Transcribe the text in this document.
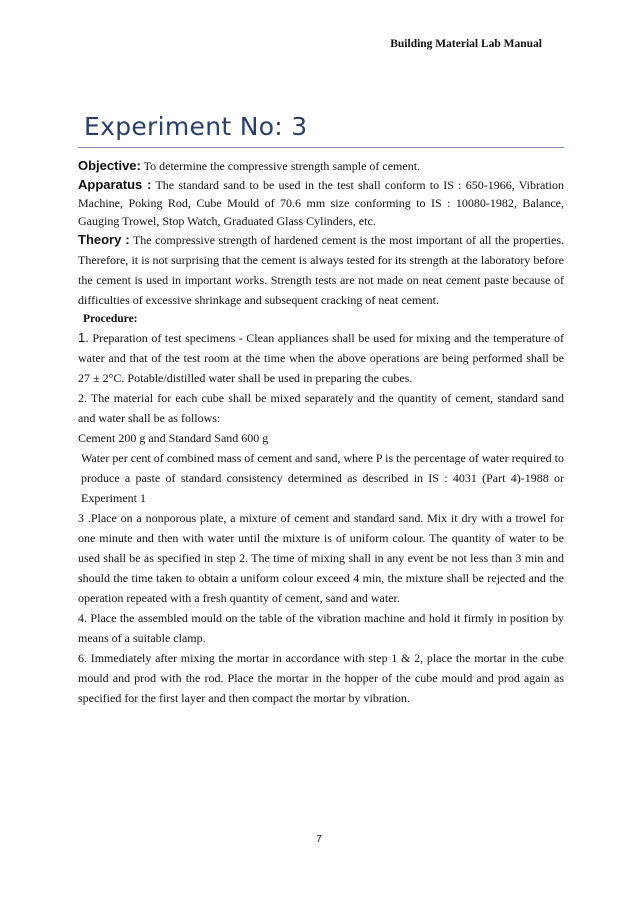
Building Material Lab Manual
Experiment No: 3

Objective: To determine the compressive strength sample of cement.

Apparatus : The standard sand to be used in the test shall conform to IS : 650-1966, Vibration Machine, Poking Rod, Cube Mould of 70.6 mm size conforming to IS : 10080-1982, Balance, Gauging Trowel, Stop Watch, Graduated Glass Cylinders, etc.

Theory : The compressive strength of hardened cement is the most important of all the properties. Therefore, it is not surprising that the cement is always tested for its strength at the laboratory before the cement is used in important works. Strength tests are not made on neat cement paste because of difficulties of excessive shrinkage and subsequent cracking of neat cement.

Procedure:

1. Preparation of test specimens - Clean appliances shall be used for mixing and the temperature of water and that of the test room at the time when the above operations are being performed shall be 27 ± 2°C. Potable/distilled water shall be used in preparing the cubes.

2. The material for each cube shall be mixed separately and the quantity of cement, standard sand and water shall be as follows:

Cement 200 g and Standard Sand 600 g

Water per cent of combined mass of cement and sand, where P is the percentage of water required to produce a paste of standard consistency determined as described in IS : 4031 (Part 4)-1988 or Experiment 1

3 .Place on a nonporous plate, a mixture of cement and standard sand. Mix it dry with a trowel for one minute and then with water until the mixture is of uniform colour. The quantity of water to be used shall be as specified in step 2. The time of mixing shall in any event be not less than 3 min and should the time taken to obtain a uniform colour exceed 4 min, the mixture shall be rejected and the operation repeated with a fresh quantity of cement, sand and water.

4. Place the assembled mould on the table of the vibration machine and hold it firmly in position by means of a suitable clamp.

6. Immediately after mixing the mortar in accordance with step 1 & 2, place the mortar in the cube mould and prod with the rod. Place the mortar in the hopper of the cube mould and prod again as specified for the first layer and then compact the mortar by vibration.

7
